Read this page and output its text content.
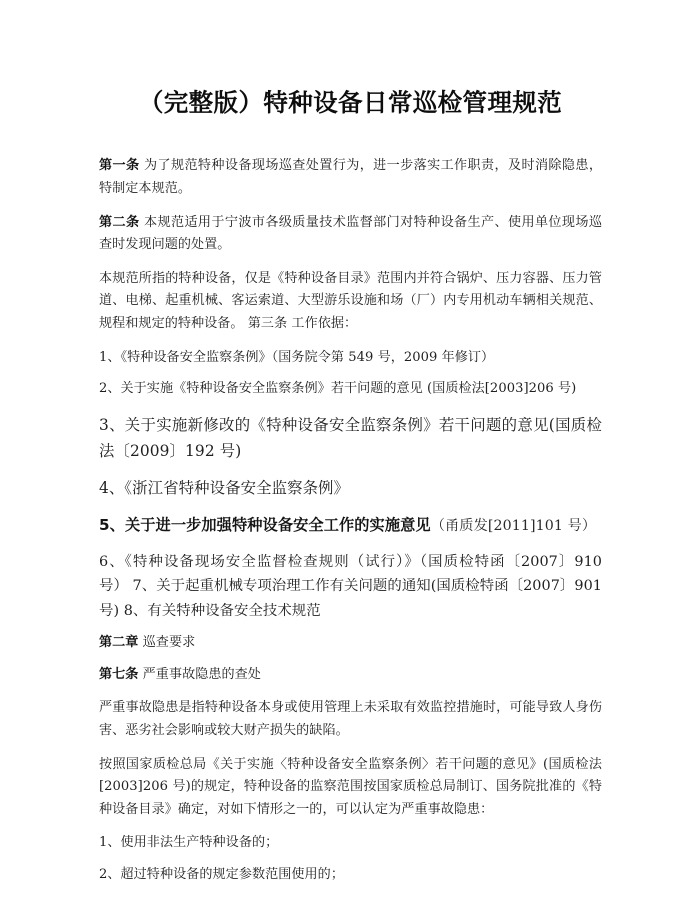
（完整版）特种设备日常巡检管理规范

第一条 为了规范特种设备现场巡查处置行为，进一步落实工作职责，及时消除隐患，特制定本规范。

第二条 本规范适用于宁波市各级质量技术监督部门对特种设备生产、使用单位现场巡查时发现问题的处置。

本规范所指的特种设备，仅是《特种设备目录》范围内并符合锅炉、压力容器、压力管道、电梯、起重机械、客运索道、大型游乐设施和场（厂）内专用机动车辆相关规范、规程和规定的特种设备。 第三条 工作依据：

1、《特种设备安全监察条例》（国务院令第 549 号，2009 年修订）

2、关于实施《特种设备安全监察条例》若干问题的意见 (国质检法[2003]206 号)

3、关于实施新修改的《特种设备安全监察条例》若干问题的意见(国质检法〔2009〕192 号)

4、《浙江省特种设备安全监察条例》

5、关于进一步加强特种设备安全工作的实施意见（甬质发[2011]101 号）

6、《特种设备现场安全监督检查规则（试行）》（国质检特函〔2007〕910 号） 7、关于起重机械专项治理工作有关问题的通知(国质检特函〔2007〕901 号) 8、有关特种设备安全技术规范

第二章 巡查要求

第七条 严重事故隐患的查处

严重事故隐患是指特种设备本身或使用管理上未采取有效监控措施时，可能导致人身伤害、恶劣社会影响或较大财产损失的缺陷。

按照国家质检总局《关于实施〈特种设备安全监察条例〉若干问题的意见》(国质检法[2003]206 号)的规定，特种设备的监察范围按国家质检总局制订、国务院批准的《特种设备目录》确定，对如下情形之一的，可以认定为严重事故隐患：

1、使用非法生产特种设备的；

2、超过特种设备的规定参数范围使用的；
